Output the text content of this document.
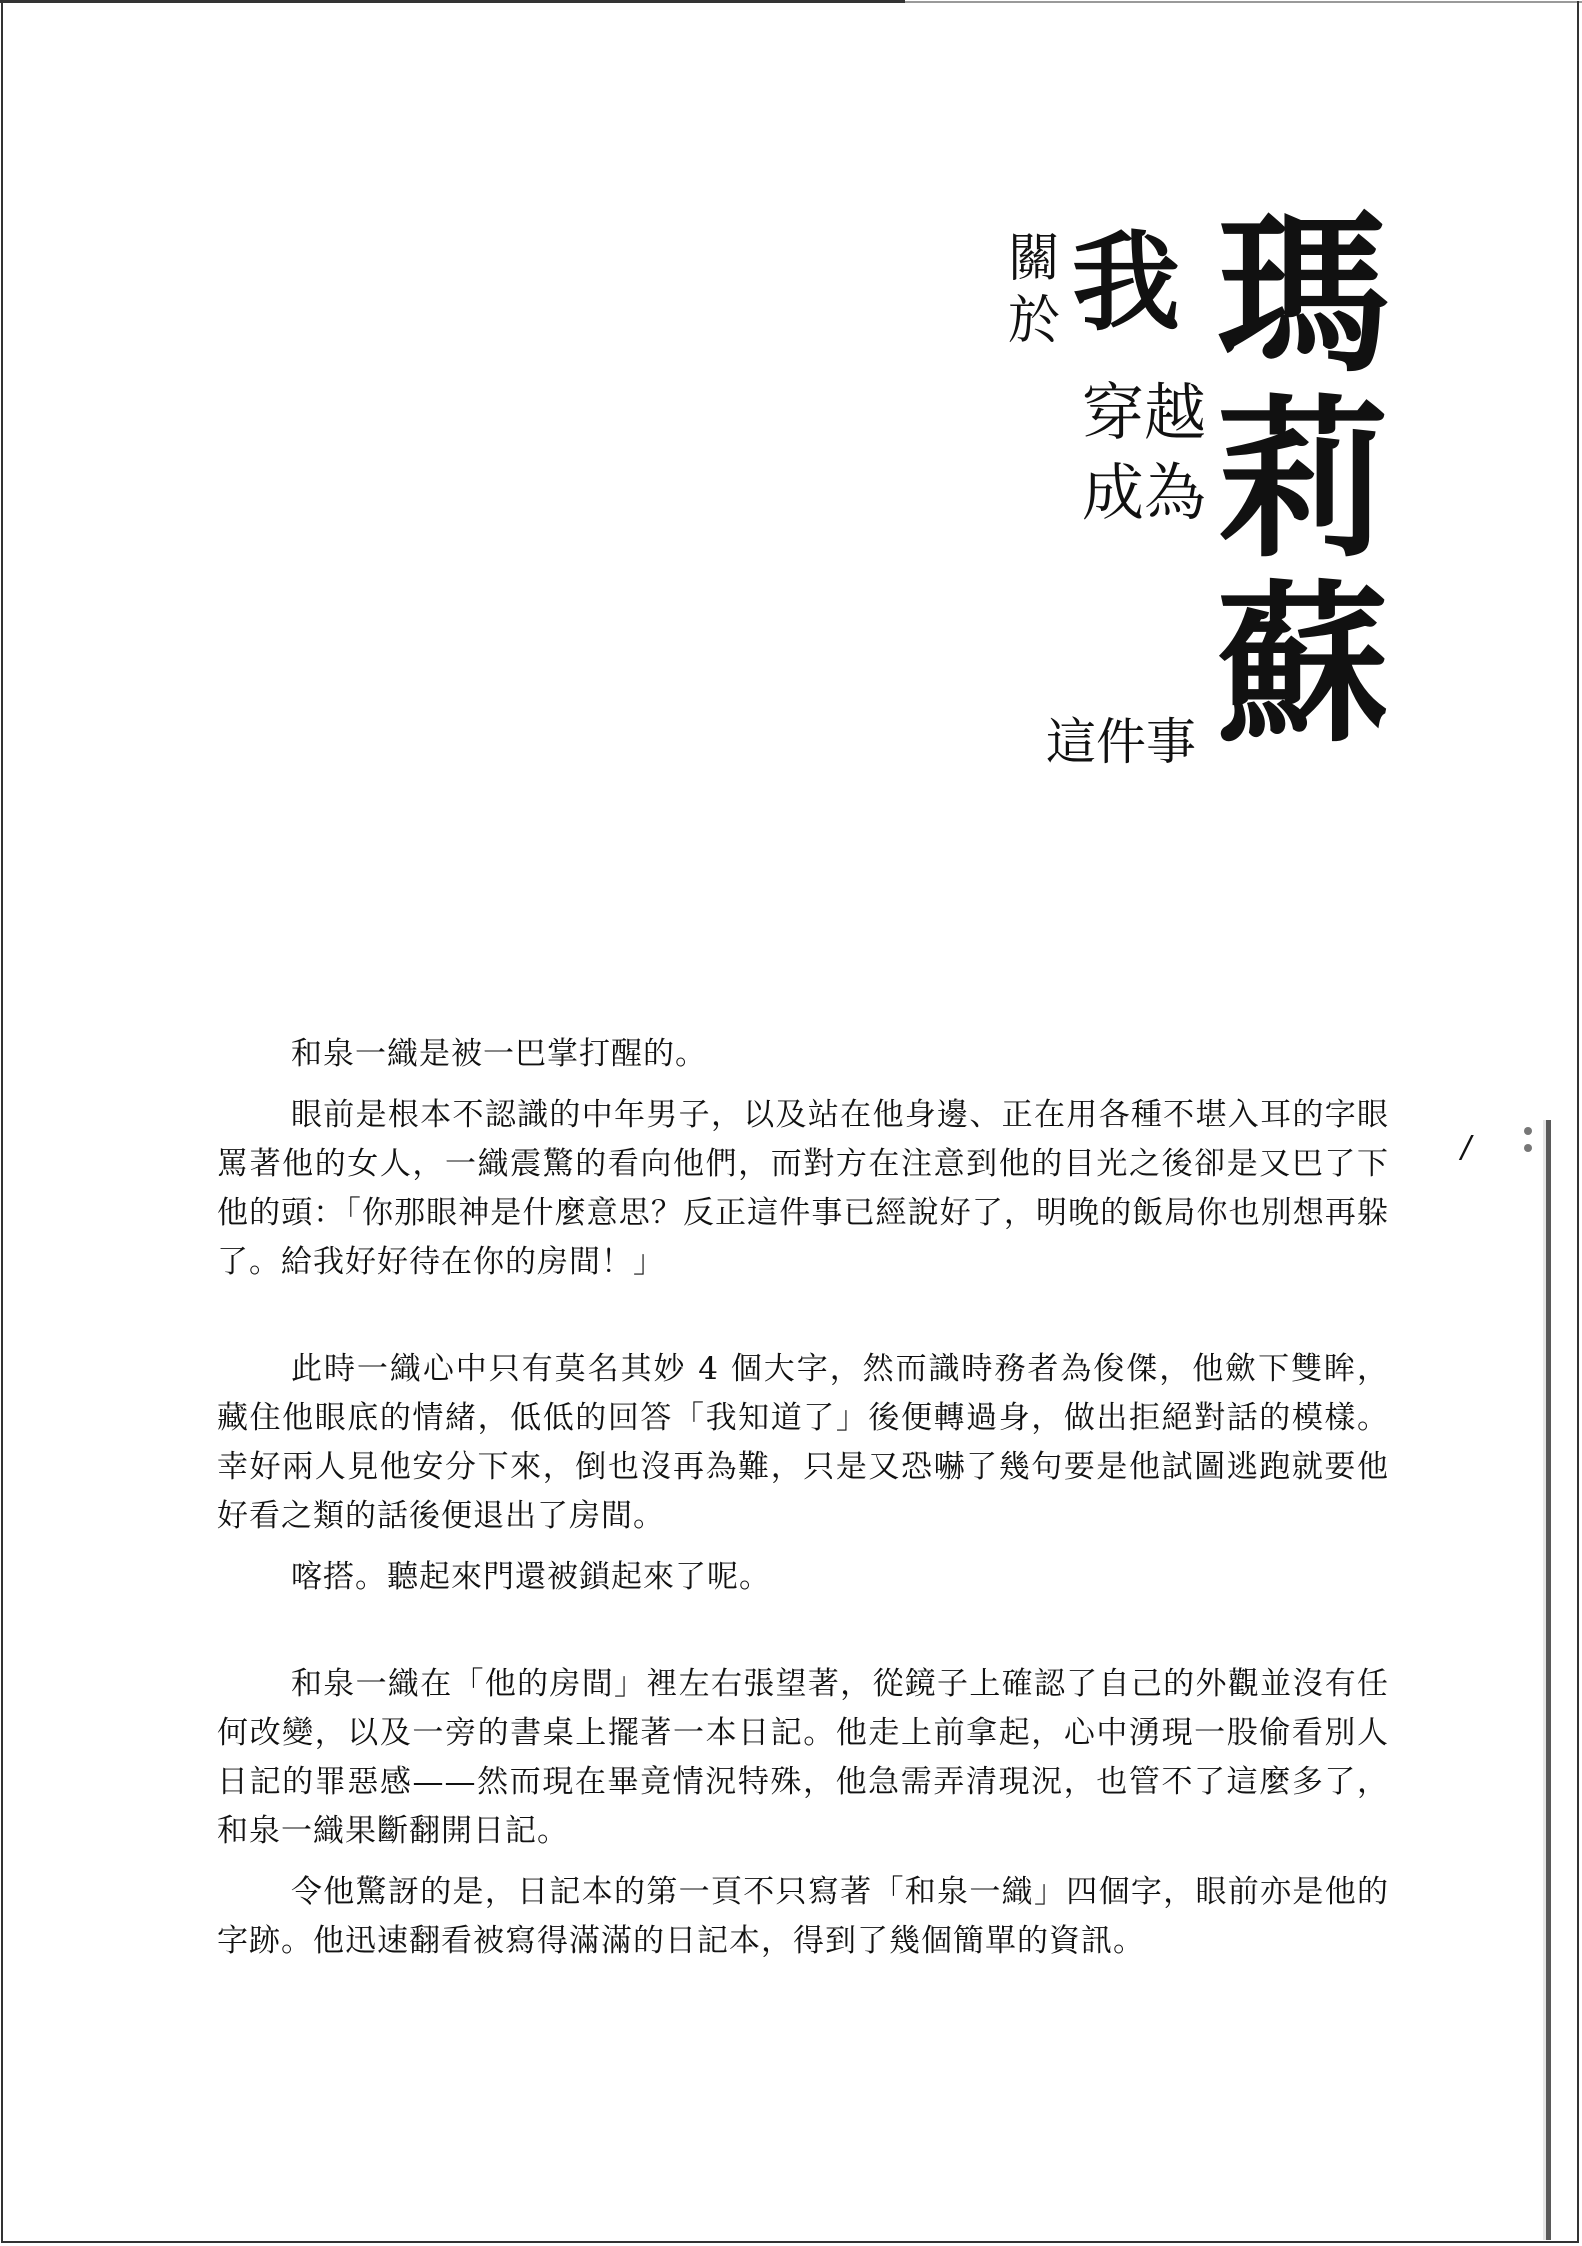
瑪
莉
蘇
我
關
於
穿越
成為
這件事

和泉一織是被一巴掌打醒的。

眼前是根本不認識的中年男子，以及站在他身邊、正在用各種不堪入耳的字眼罵著他的女人，一織震驚的看向他們，而對方在注意到他的目光之後卻是又巴了下他的頭：「你那眼神是什麼意思？反正這件事已經說好了，明晚的飯局你也別想再躲了。給我好好待在你的房間！」

此時一織心中只有莫名其妙 4 個大字，然而識時務者為俊傑，他歛下雙眸，藏住他眼底的情緒，低低的回答「我知道了」後便轉過身，做出拒絕對話的模樣。幸好兩人見他安分下來，倒也沒再為難，只是又恐嚇了幾句要是他試圖逃跑就要他好看之類的話後便退出了房間。

喀搭。聽起來門還被鎖起來了呢。

和泉一織在「他的房間」裡左右張望著，從鏡子上確認了自己的外觀並沒有任何改變，以及一旁的書桌上擺著一本日記。他走上前拿起，心中湧現一股偷看別人日記的罪惡感——然而現在畢竟情況特殊，他急需弄清現況，也管不了這麼多了，和泉一織果斷翻開日記。

令他驚訝的是，日記本的第一頁不只寫著「和泉一織」四個字，眼前亦是他的字跡。他迅速翻看被寫得滿滿的日記本，得到了幾個簡單的資訊。

/
